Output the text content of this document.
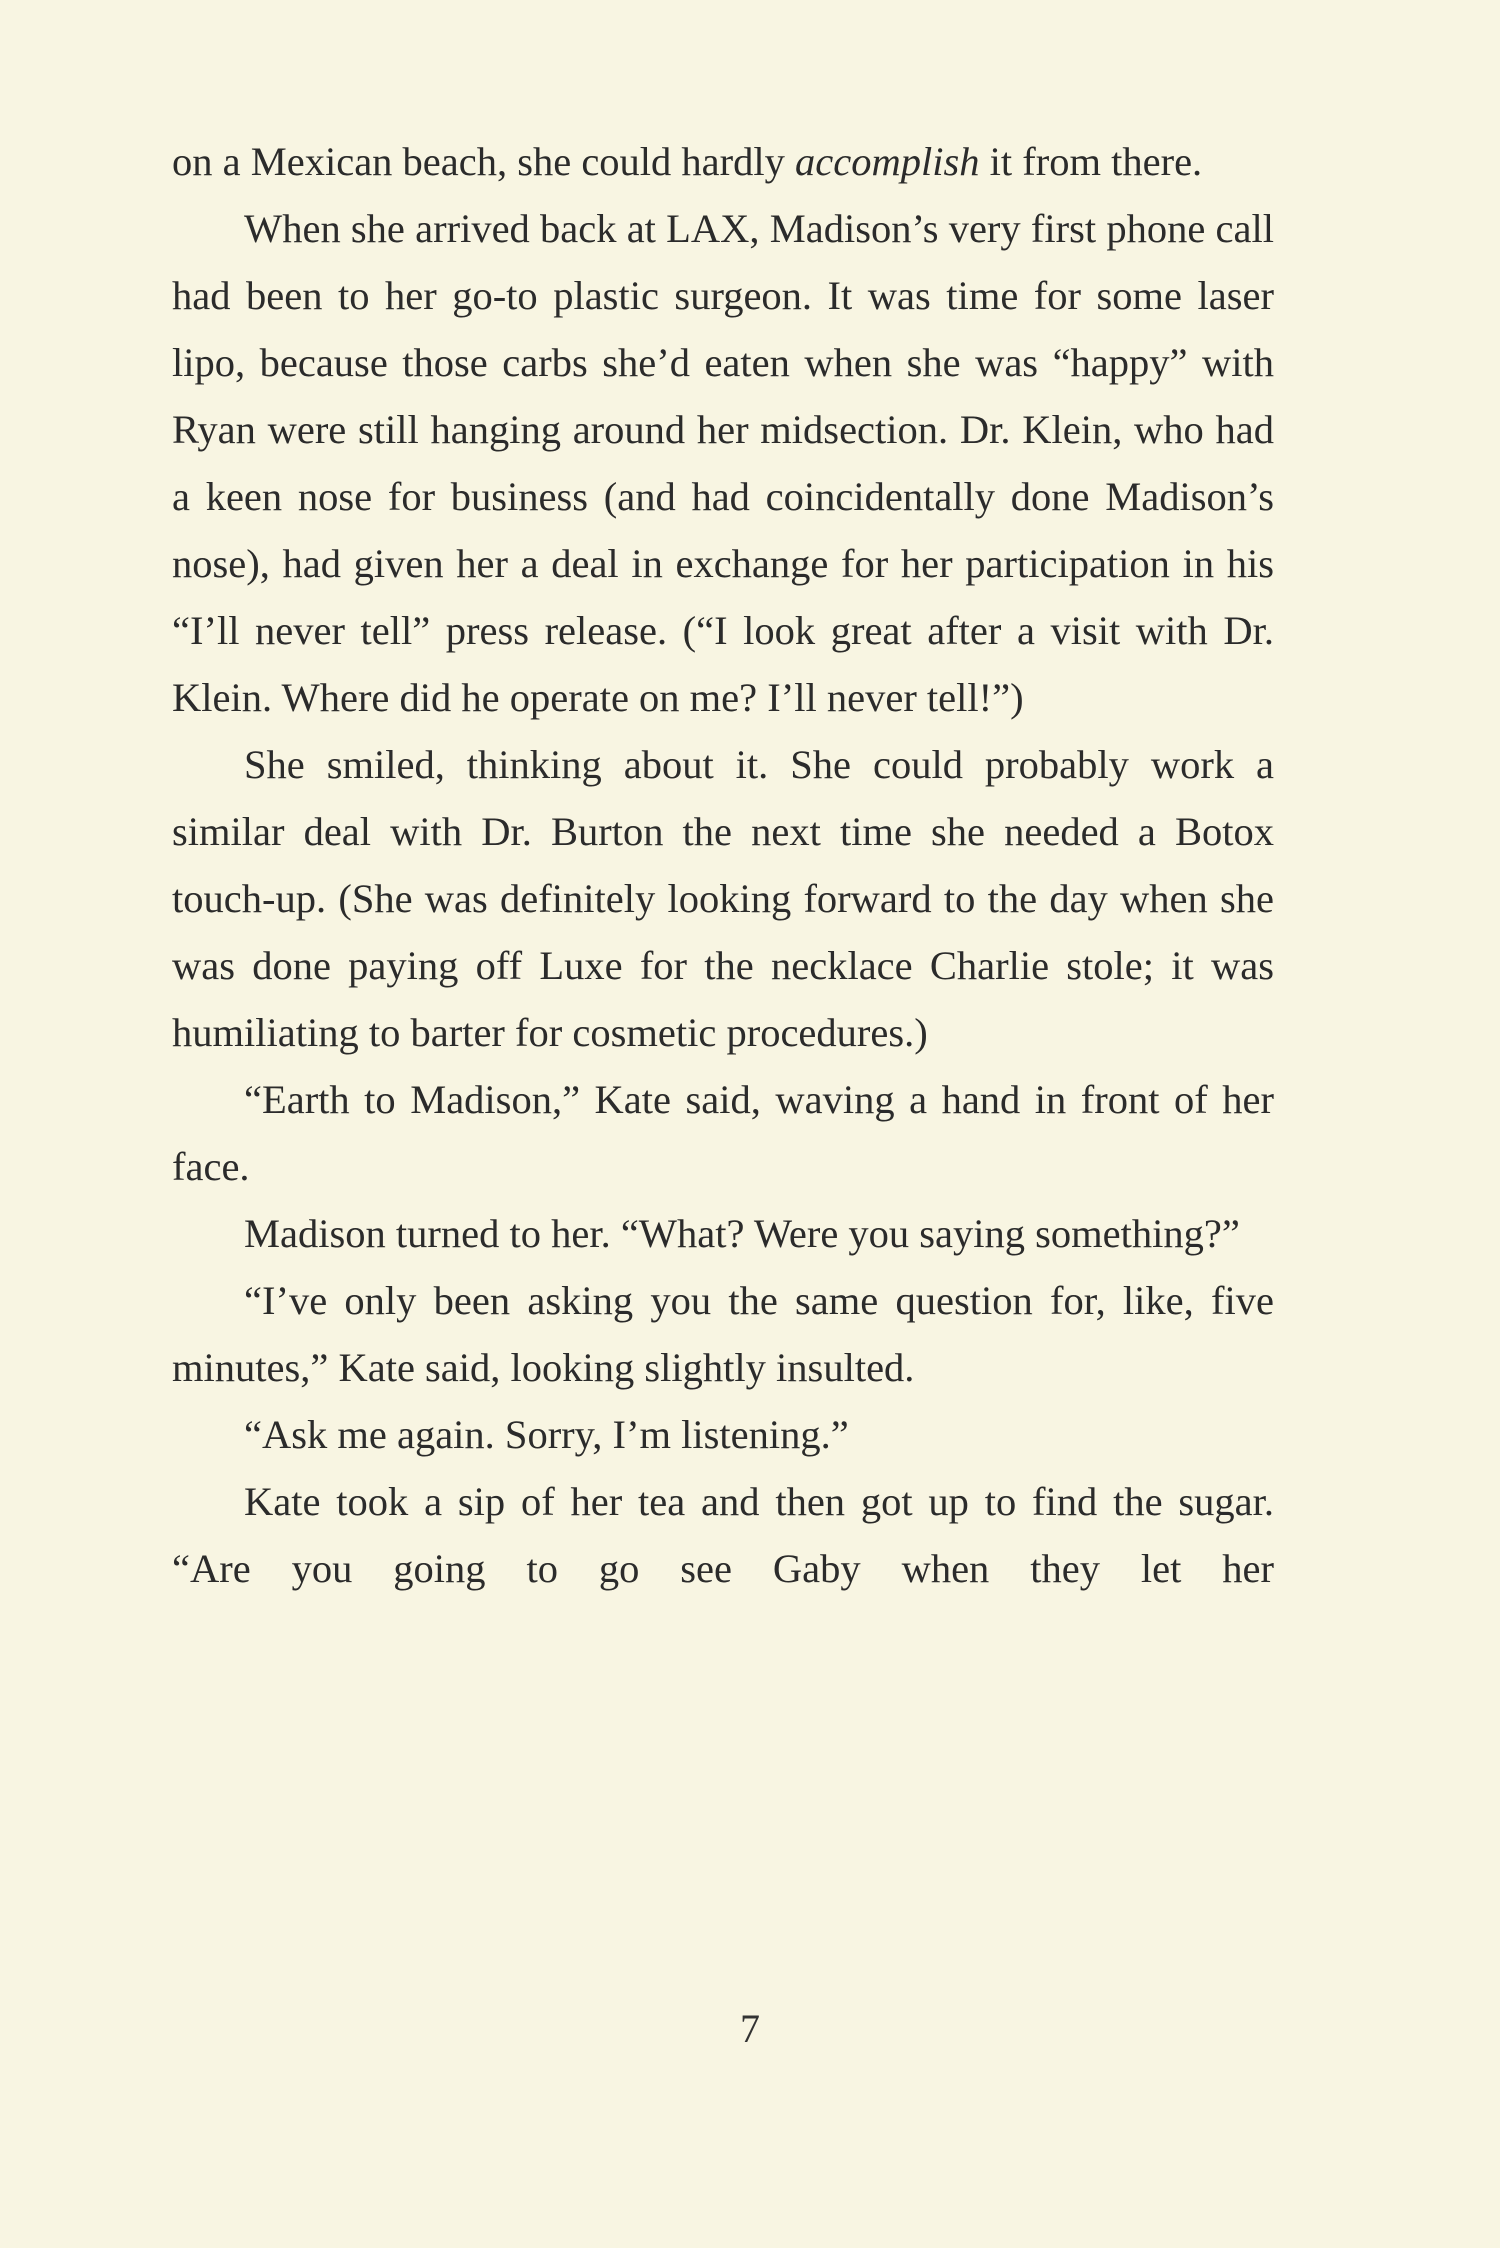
on a Mexican beach, she could hardly accomplish it from there.

When she arrived back at LAX, Madison’s very first phone call had been to her go-to plastic surgeon. It was time for some laser lipo, because those carbs she’d eaten when she was “happy” with Ryan were still hanging around her midsection. Dr. Klein, who had a keen nose for business (and had coincidentally done Madison’s nose), had given her a deal in exchange for her participation in his “I’ll never tell” press release. (“I look great after a visit with Dr. Klein. Where did he operate on me? I’ll never tell!”)

She smiled, thinking about it. She could probably work a similar deal with Dr. Burton the next time she needed a Botox touch-up. (She was definitely looking forward to the day when she was done paying off Luxe for the necklace Charlie stole; it was humiliating to barter for cosmetic procedures.)

“Earth to Madison,” Kate said, waving a hand in front of her face.

Madison turned to her. “What? Were you saying something?”

“I’ve only been asking you the same question for, like, five minutes,” Kate said, looking slightly insulted.

“Ask me again. Sorry, I’m listening.”

Kate took a sip of her tea and then got up to find the sugar. “Are you going to go see Gaby when they let her

7
